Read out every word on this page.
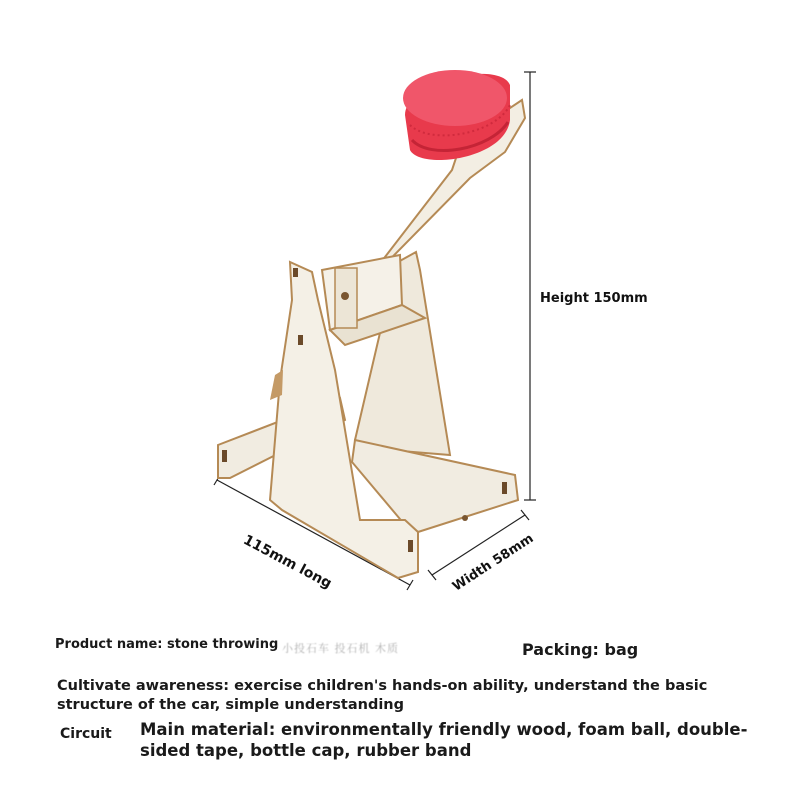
Height 150mm
115mm long	Width 58mm
Product name: stone throwing 小投石车 投石机 木质	Packing: bag
Cultivate awareness: exercise children's hands-on ability, understand the basic structure of the car, simple understanding
Circuit Main material: environmentally friendly wood, foam ball, double-sided tape, bottle cap, rubber band
